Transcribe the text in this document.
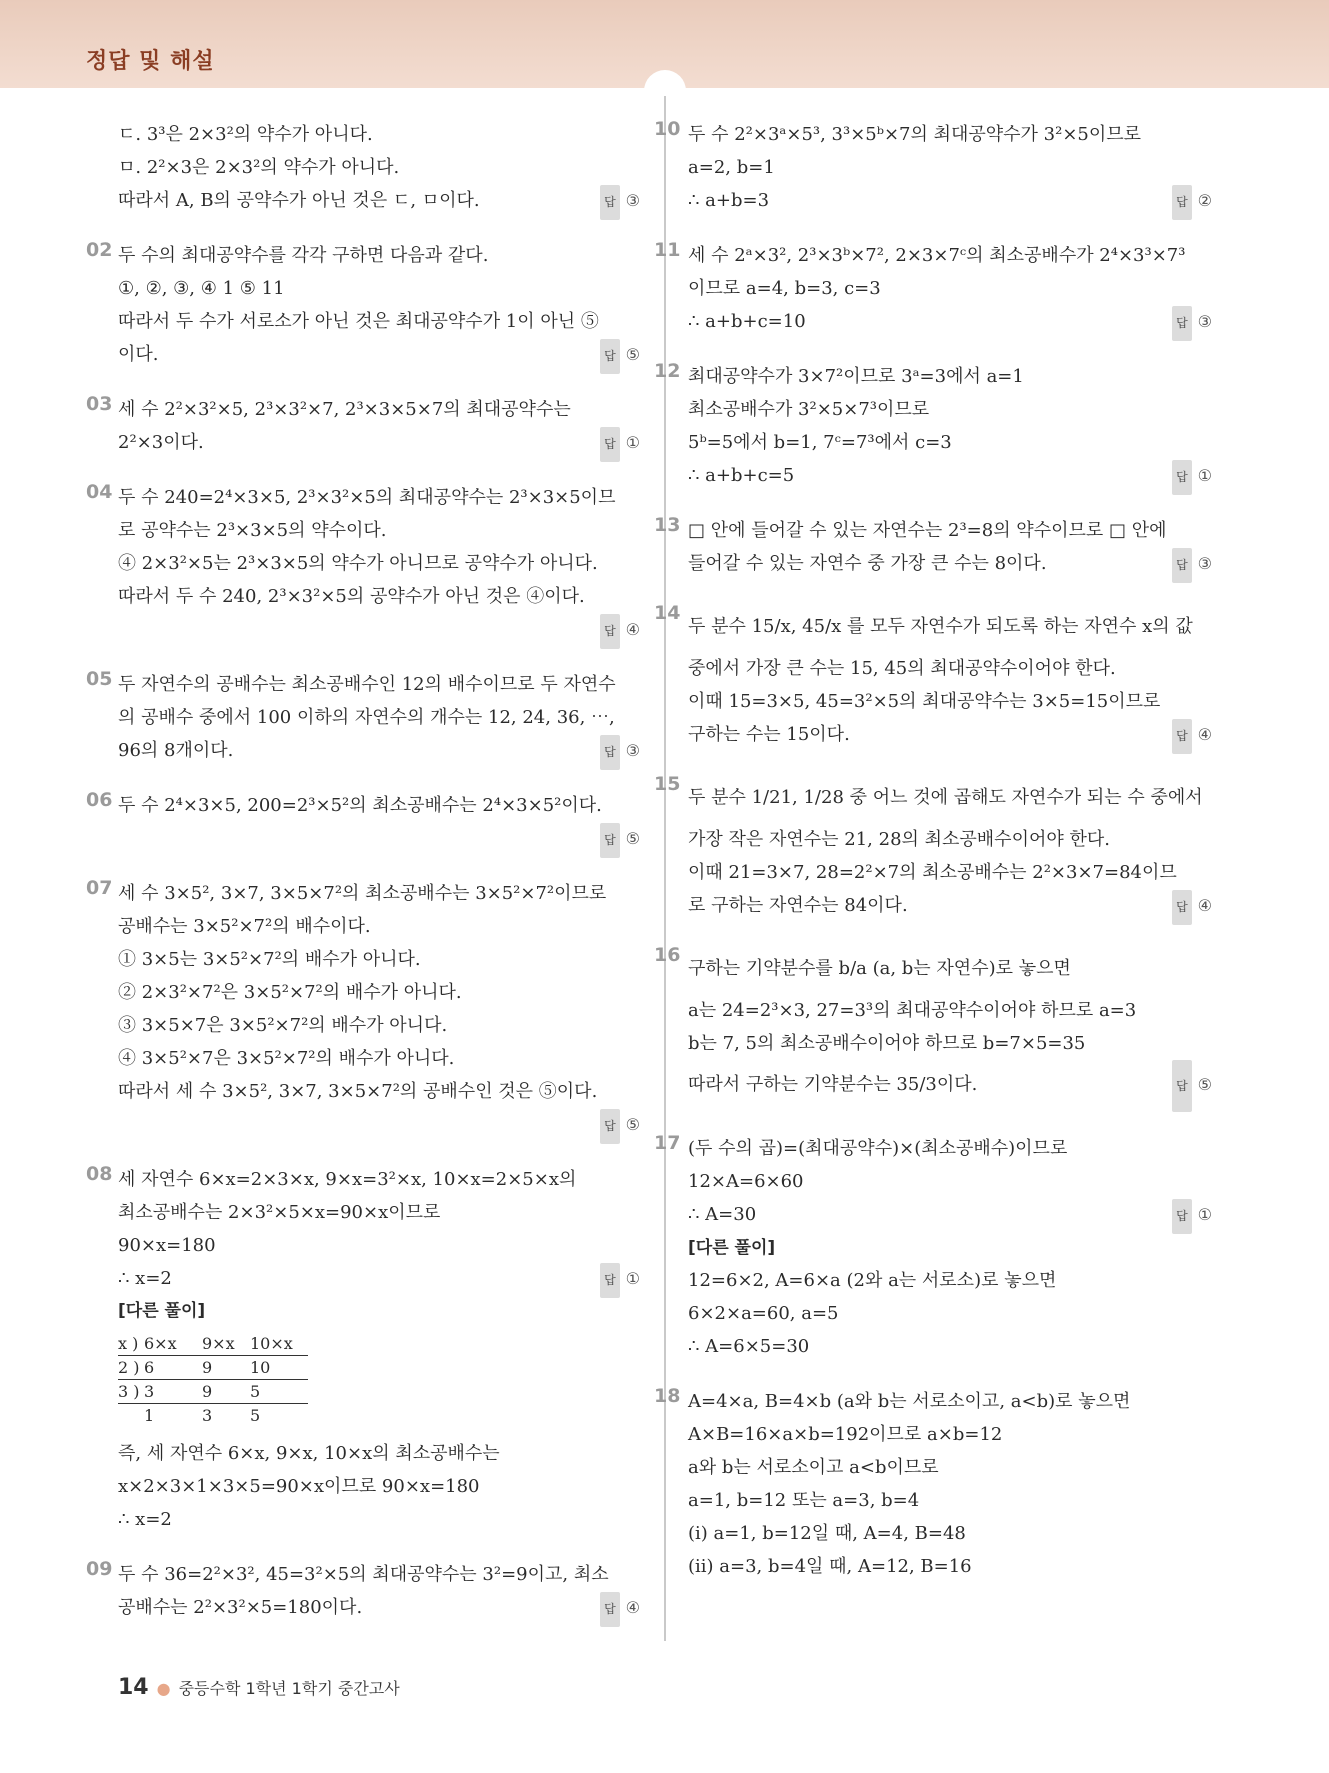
정답 및 해설
ㄷ. 3³은 2×3²의 약수가 아니다.
ㅁ. 2²×3은 2×3²의 약수가 아니다.
따라서 A, B의 공약수가 아닌 것은 ㄷ, ㅁ이다.	답 ③
02 두 수의 최대공약수를 각각 구하면 다음과 같다.
①, ②, ③, ④ 1 ⑤ 11
따라서 두 수가 서로소가 아닌 것은 최대공약수가 1이 아닌 ⑤
이다.	답 ⑤
03 세 수 2²×3²×5, 2³×3²×7, 2³×3×5×7의 최대공약수는
2²×3이다.	답 ①
04 두 수 240=2⁴×3×5, 2³×3²×5의 최대공약수는 2³×3×5이므
로 공약수는 2³×3×5의 약수이다.
④ 2×3²×5는 2³×3×5의 약수가 아니므로 공약수가 아니다.
따라서 두 수 240, 2³×3²×5의 공약수가 아닌 것은 ④이다.
답 ④
05 두 자연수의 공배수는 최소공배수인 12의 배수이므로 두 자연수
의 공배수 중에서 100 이하의 자연수의 개수는 12, 24, 36, ⋯,
96의 8개이다.	답 ③
06 두 수 2⁴×3×5, 200=2³×5²의 최소공배수는 2⁴×3×5²이다.
답 ⑤
07 세 수 3×5², 3×7, 3×5×7²의 최소공배수는 3×5²×7²이므로
공배수는 3×5²×7²의 배수이다.
① 3×5는 3×5²×7²의 배수가 아니다.
② 2×3²×7²은 3×5²×7²의 배수가 아니다.
③ 3×5×7은 3×5²×7²의 배수가 아니다.
④ 3×5²×7은 3×5²×7²의 배수가 아니다.
따라서 세 수 3×5², 3×7, 3×5×7²의 공배수인 것은 ⑤이다.
답 ⑤
08 세 자연수 6×x=2×3×x, 9×x=3²×x, 10×x=2×5×x의
최소공배수는 2×3²×5×x=90×x이므로
90×x=180
∴ x=2	답 ①
[다른 풀이]
x ) 6×x 9×x 10×x
2 ) 6	9 10
3 ) 3	9 5
1	3 5
즉, 세 자연수 6×x, 9×x, 10×x의 최소공배수는
x×2×3×1×3×5=90×x이므로 90×x=180
∴ x=2
09 두 수 36=2²×3², 45=3²×5의 최대공약수는 3²=9이고, 최소
공배수는 2²×3²×5=180이다.	답 ④
10 두 수 2²×3ᵃ×5³, 3³×5ᵇ×7의 최대공약수가 3²×5이므로
a=2, b=1
∴ a+b=3	답 ②
11 세 수 2ᵃ×3², 2³×3ᵇ×7², 2×3×7ᶜ의 최소공배수가 2⁴×3³×7³
이므로 a=4, b=3, c=3
∴ a+b+c=10	답 ③
12 최대공약수가 3×7²이므로 3ᵃ=3에서 a=1
최소공배수가 3²×5×7³이므로
5ᵇ=5에서 b=1, 7ᶜ=7³에서 c=3
∴ a+b+c=5	답 ①
13 □ 안에 들어갈 수 있는 자연수는 2³=8의 약수이므로 □ 안에
들어갈 수 있는 자연수 중 가장 큰 수는 8이다.	답 ③
14
두 분수 15/x, 45/x 를 모두 자연수가 되도록 하는 자연수 x의 값
중에서 가장 큰 수는 15, 45의 최대공약수이어야 한다.
이때 15=3×5, 45=3²×5의 최대공약수는 3×5=15이므로
구하는 수는 15이다.	답 ④
15
두 분수 1/21, 1/28 중 어느 것에 곱해도 자연수가 되는 수 중에서
가장 작은 자연수는 21, 28의 최소공배수이어야 한다.
이때 21=3×7, 28=2²×7의 최소공배수는 2²×3×7=84이므
로 구하는 자연수는 84이다.	답 ④
16
구하는 기약분수를 b/a (a, b는 자연수)로 놓으면
a는 24=2³×3, 27=3³의 최대공약수이어야 하므로 a=3
b는 7, 5의 최소공배수이어야 하므로 b=7×5=35
따라서 구하는 기약분수는 35/3이다.	답 ⑤
17 (두 수의 곱)=(최대공약수)×(최소공배수)이므로
12×A=6×60
∴ A=30	답 ①
[다른 풀이]
12=6×2, A=6×a (2와 a는 서로소)로 놓으면
6×2×a=60, a=5
∴ A=6×5=30
18 A=4×a, B=4×b (a와 b는 서로소이고, a<b)로 놓으면
A×B=16×a×b=192이므로 a×b=12
a와 b는 서로소이고 a<b이므로
a=1, b=12 또는 a=3, b=4
(i) a=1, b=12일 때, A=4, B=48
(ii) a=3, b=4일 때, A=12, B=16
14 ● 중등수학 1학년 1학기 중간고사
